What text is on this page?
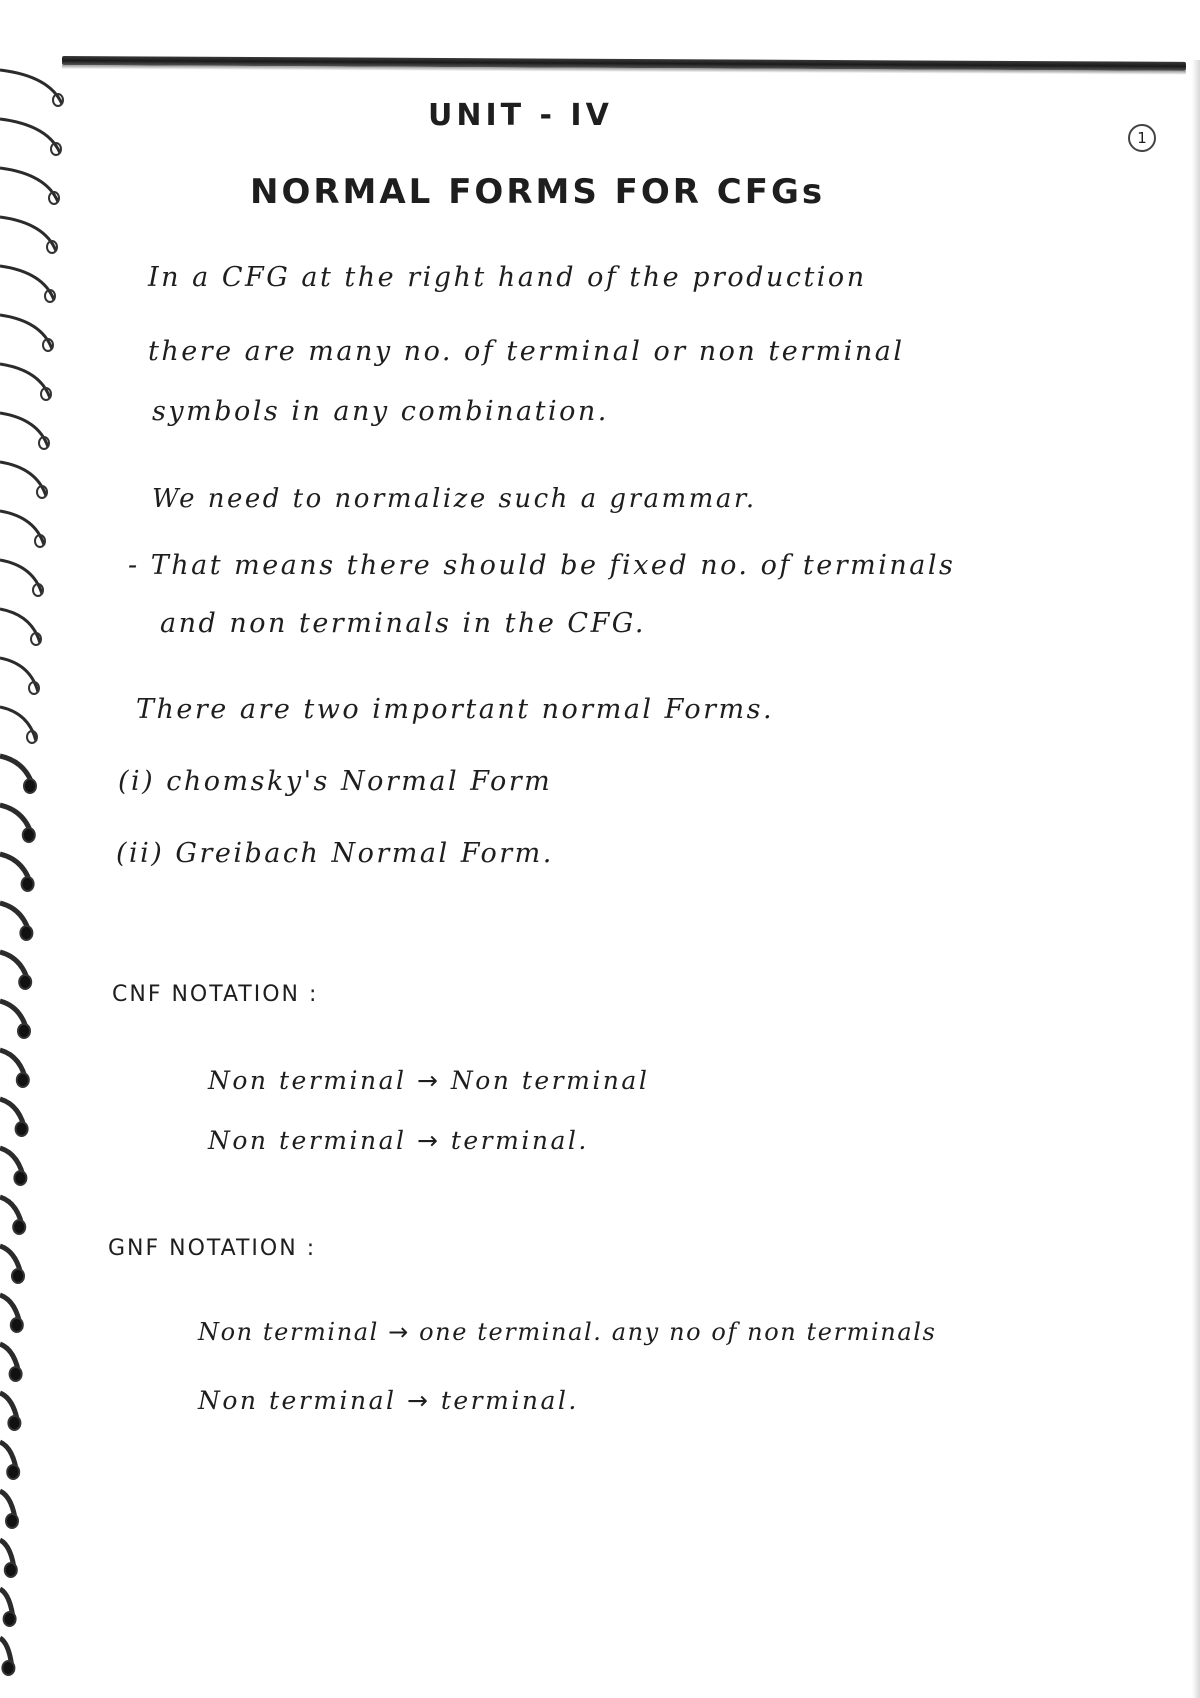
1
UNIT - IV
NORMAL FORMS FOR CFGs
In a CFG at the right hand of the production
there are many no. of terminal or non terminal
symbols in any combination.
We need to normalize such a grammar.
- That means there should be fixed no. of terminals
and non terminals in the CFG.
There are two important normal Forms.
(i) chomsky's Normal Form
(ii) Greibach Normal Form.
CNF NOTATION :
Non terminal → Non terminal
Non terminal → terminal.
GNF NOTATION :
Non terminal → one terminal. any no of non terminals
Non terminal → terminal.
